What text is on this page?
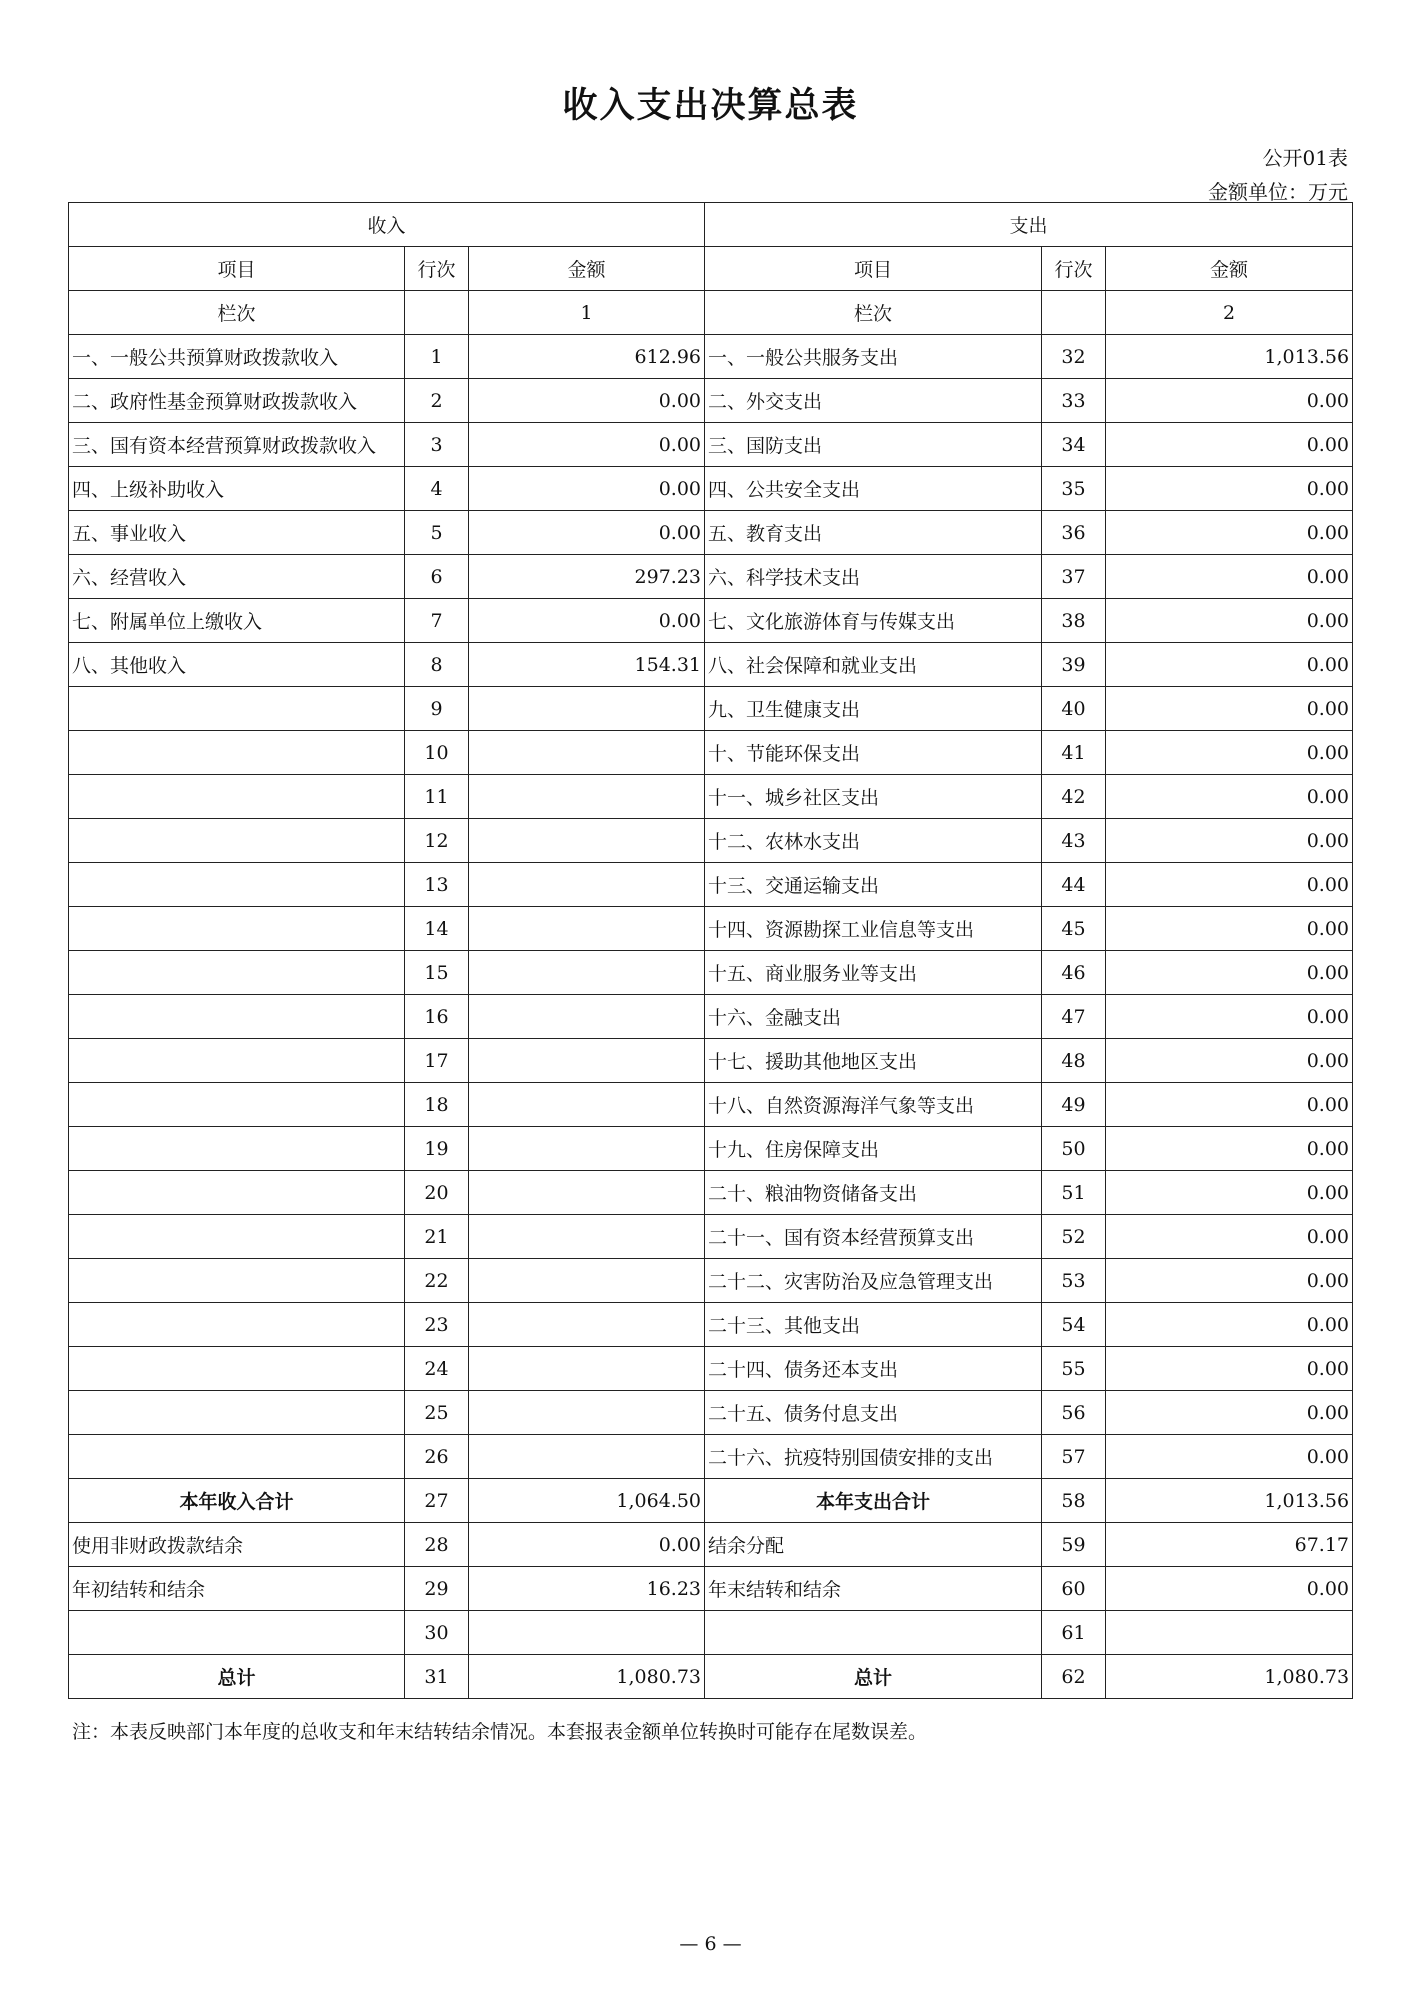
收入支出决算总表
公开01表
金额单位：万元
收入			支出		
项目	行次	金额	项目	行次	金额
栏次		1	栏次		2
一、一般公共预算财政拨款收入	1	612.96	一、一般公共服务支出	32	1,013.56
二、政府性基金预算财政拨款收入	2	0.00	二、外交支出	33	0.00
三、国有资本经营预算财政拨款收入	3	0.00	三、国防支出	34	0.00
四、上级补助收入	4	0.00	四、公共安全支出	35	0.00
五、事业收入	5	0.00	五、教育支出	36	0.00
六、经营收入	6	297.23	六、科学技术支出	37	0.00
七、附属单位上缴收入	7	0.00	七、文化旅游体育与传媒支出	38	0.00
八、其他收入	8	154.31	八、社会保障和就业支出	39	0.00
	9		九、卫生健康支出	40	0.00
	10		十、节能环保支出	41	0.00
	11		十一、城乡社区支出	42	0.00
	12		十二、农林水支出	43	0.00
	13		十三、交通运输支出	44	0.00
	14		十四、资源勘探工业信息等支出	45	0.00
	15		十五、商业服务业等支出	46	0.00
	16		十六、金融支出	47	0.00
	17		十七、援助其他地区支出	48	0.00
	18		十八、自然资源海洋气象等支出	49	0.00
	19		十九、住房保障支出	50	0.00
	20		二十、粮油物资储备支出	51	0.00
	21		二十一、国有资本经营预算支出	52	0.00
	22		二十二、灾害防治及应急管理支出	53	0.00
	23		二十三、其他支出	54	0.00
	24		二十四、债务还本支出	55	0.00
	25		二十五、债务付息支出	56	0.00
	26		二十六、抗疫特别国债安排的支出	57	0.00
本年收入合计	27	1,064.50	本年支出合计	58	1,013.56
使用非财政拨款结余	28	0.00	结余分配	59	67.17
年初结转和结余	29	16.23	年末结转和结余	60	0.00
	30			61	
总计	31	1,080.73	总计	62	1,080.73
注：本表反映部门本年度的总收支和年末结转结余情况。本套报表金额单位转换时可能存在尾数误差。
— 6 —
